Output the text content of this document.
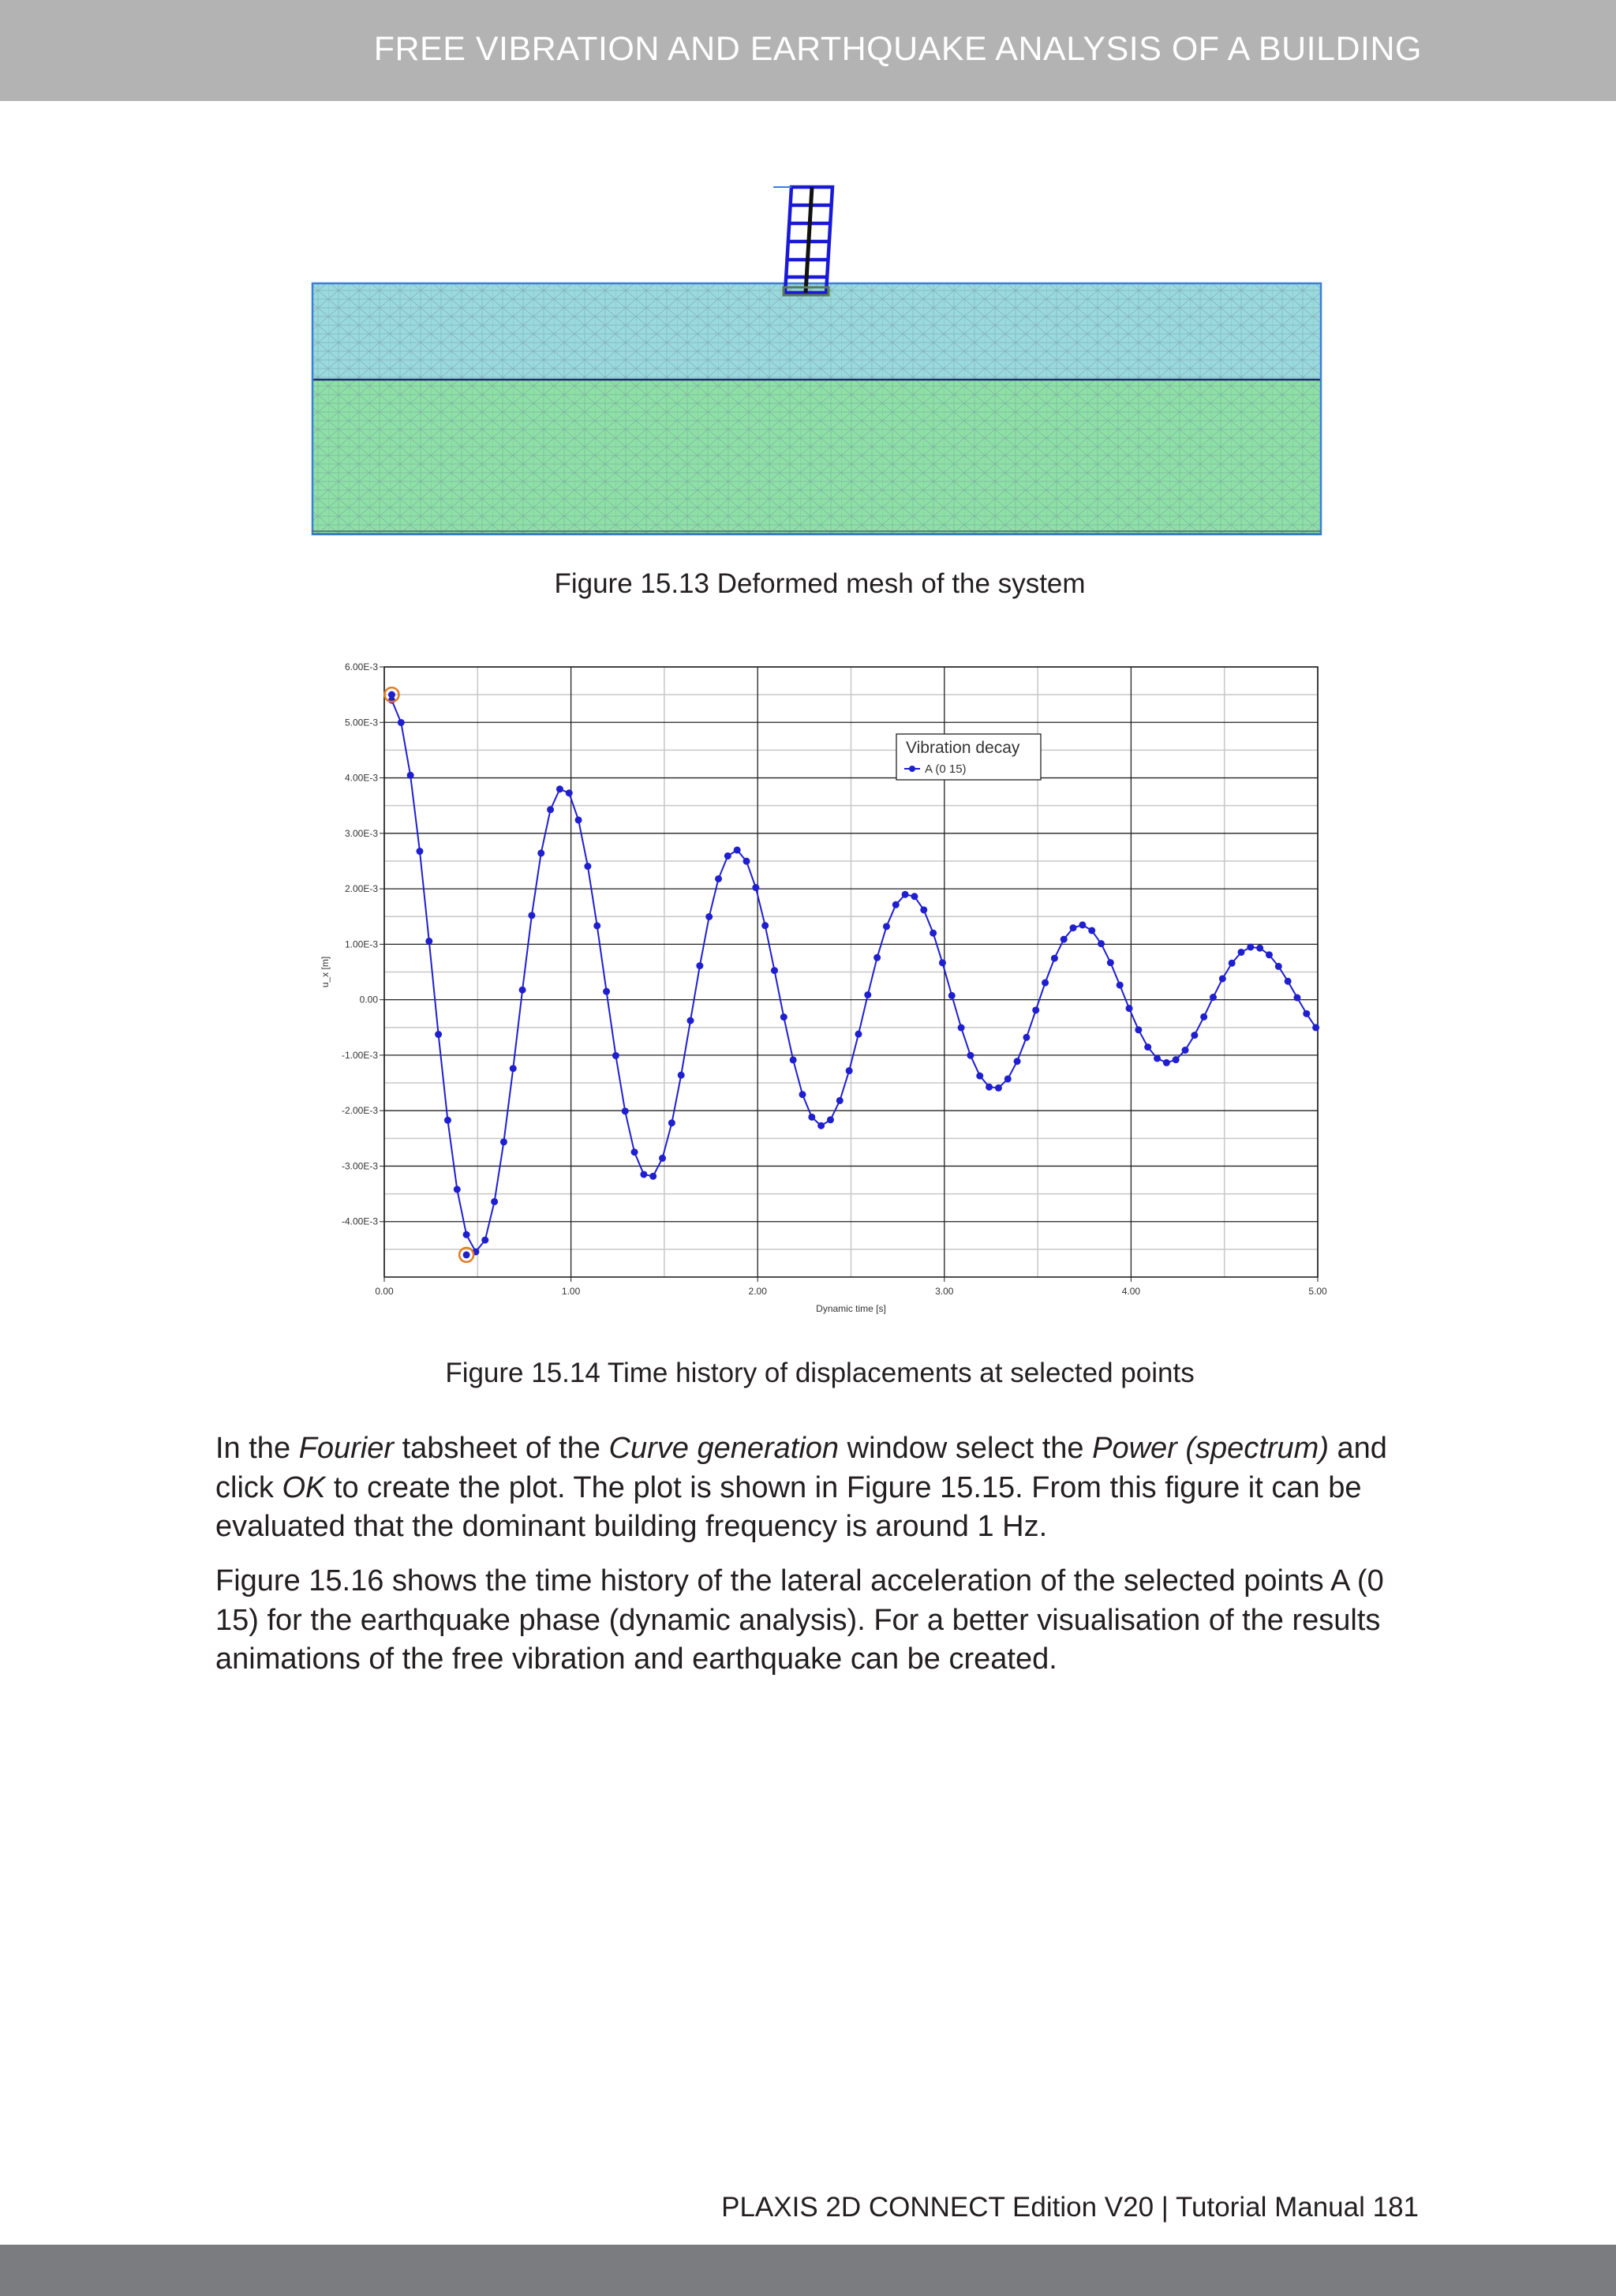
FREE VIBRATION AND EARTHQUAKE ANALYSIS OF A BUILDING
Figure 15.13 Deformed mesh of the system
0.00	1.00	2.00	3.00	4.00	5.00
6.00E-3
5.00E-3
4.00E-3
3.00E-3
2.00E-3
1.00E-3
0.00
-1.00E-3
-2.00E-3
-3.00E-3
-4.00E-3
Dynamic time [s]
u_x [m]
Vibration decay
A (0 15)
Figure 15.14 Time history of displacements at selected points
In the Fourier tabsheet of the Curve generation window select the Power (spectrum) and click OK to create the plot. The plot is shown in Figure 15.15. From this figure it can be evaluated that the dominant building frequency is around 1 Hz.
Figure 15.16 shows the time history of the lateral acceleration of the selected points A (0 15) for the earthquake phase (dynamic analysis). For a better visualisation of the results animations of the free vibration and earthquake can be created.
PLAXIS 2D CONNECT Edition V20 | Tutorial Manual 181
